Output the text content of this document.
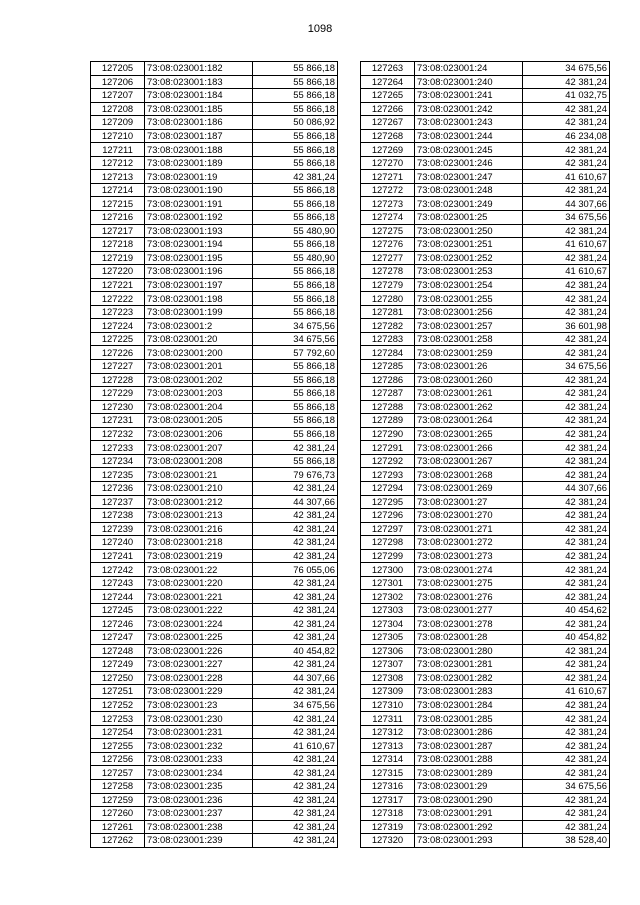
1098
127205	73:08:023001:182	55 866,18
127206	73:08:023001:183	55 866,18
127207	73:08:023001:184	55 866,18
127208	73:08:023001:185	55 866,18
127209	73:08:023001:186	50 086,92
127210	73:08:023001:187	55 866,18
127211	73:08:023001:188	55 866,18
127212	73:08:023001:189	55 866,18
127213	73:08:023001:19	42 381,24
127214	73:08:023001:190	55 866,18
127215	73:08:023001:191	55 866,18
127216	73:08:023001:192	55 866,18
127217	73:08:023001:193	55 480,90
127218	73:08:023001:194	55 866,18
127219	73:08:023001:195	55 480,90
127220	73:08:023001:196	55 866,18
127221	73:08:023001:197	55 866,18
127222	73:08:023001:198	55 866,18
127223	73:08:023001:199	55 866,18
127224	73:08:023001:2	34 675,56
127225	73:08:023001:20	34 675,56
127226	73:08:023001:200	57 792,60
127227	73:08:023001:201	55 866,18
127228	73:08:023001:202	55 866,18
127229	73:08:023001:203	55 866,18
127230	73:08:023001:204	55 866,18
127231	73:08:023001:205	55 866,18
127232	73:08:023001:206	55 866,18
127233	73:08:023001:207	42 381,24
127234	73:08:023001:208	55 866,18
127235	73:08:023001:21	79 676,73
127236	73:08:023001:210	42 381,24
127237	73:08:023001:212	44 307,66
127238	73:08:023001:213	42 381,24
127239	73:08:023001:216	42 381,24
127240	73:08:023001:218	42 381,24
127241	73:08:023001:219	42 381,24
127242	73:08:023001:22	76 055,06
127243	73:08:023001:220	42 381,24
127244	73:08:023001:221	42 381,24
127245	73:08:023001:222	42 381,24
127246	73:08:023001:224	42 381,24
127247	73:08:023001:225	42 381,24
127248	73:08:023001:226	40 454,82
127249	73:08:023001:227	42 381,24
127250	73:08:023001:228	44 307,66
127251	73:08:023001:229	42 381,24
127252	73:08:023001:23	34 675,56
127253	73:08:023001:230	42 381,24
127254	73:08:023001:231	42 381,24
127255	73:08:023001:232	41 610,67
127256	73:08:023001:233	42 381,24
127257	73:08:023001:234	42 381,24
127258	73:08:023001:235	42 381,24
127259	73:08:023001:236	42 381,24
127260	73:08:023001:237	42 381,24
127261	73:08:023001:238	42 381,24
127262	73:08:023001:239	42 381,24
127263	73:08:023001:24	34 675,56
127264	73:08:023001:240	42 381,24
127265	73:08:023001:241	41 032,75
127266	73:08:023001:242	42 381,24
127267	73:08:023001:243	42 381,24
127268	73:08:023001:244	46 234,08
127269	73:08:023001:245	42 381,24
127270	73:08:023001:246	42 381,24
127271	73:08:023001:247	41 610,67
127272	73:08:023001:248	42 381,24
127273	73:08:023001:249	44 307,66
127274	73:08:023001:25	34 675,56
127275	73:08:023001:250	42 381,24
127276	73:08:023001:251	41 610,67
127277	73:08:023001:252	42 381,24
127278	73:08:023001:253	41 610,67
127279	73:08:023001:254	42 381,24
127280	73:08:023001:255	42 381,24
127281	73:08:023001:256	42 381,24
127282	73:08:023001:257	36 601,98
127283	73:08:023001:258	42 381,24
127284	73:08:023001:259	42 381,24
127285	73:08:023001:26	34 675,56
127286	73:08:023001:260	42 381,24
127287	73:08:023001:261	42 381,24
127288	73:08:023001:262	42 381,24
127289	73:08:023001:264	42 381,24
127290	73:08:023001:265	42 381,24
127291	73:08:023001:266	42 381,24
127292	73:08:023001:267	42 381,24
127293	73:08:023001:268	42 381,24
127294	73:08:023001:269	44 307,66
127295	73:08:023001:27	42 381,24
127296	73:08:023001:270	42 381,24
127297	73:08:023001:271	42 381,24
127298	73:08:023001:272	42 381,24
127299	73:08:023001:273	42 381,24
127300	73:08:023001:274	42 381,24
127301	73:08:023001:275	42 381,24
127302	73:08:023001:276	42 381,24
127303	73:08:023001:277	40 454,62
127304	73:08:023001:278	42 381,24
127305	73:08:023001:28	40 454,82
127306	73:08:023001:280	42 381,24
127307	73:08:023001:281	42 381,24
127308	73:08:023001:282	42 381,24
127309	73:08:023001:283	41 610,67
127310	73:08:023001:284	42 381,24
127311	73:08:023001:285	42 381,24
127312	73:08:023001:286	42 381,24
127313	73:08:023001:287	42 381,24
127314	73:08:023001:288	42 381,24
127315	73:08:023001:289	42 381,24
127316	73:08:023001:29	34 675,56
127317	73:08:023001:290	42 381,24
127318	73:08:023001:291	42 381,24
127319	73:08:023001:292	42 381,24
127320	73:08:023001:293	38 528,40
